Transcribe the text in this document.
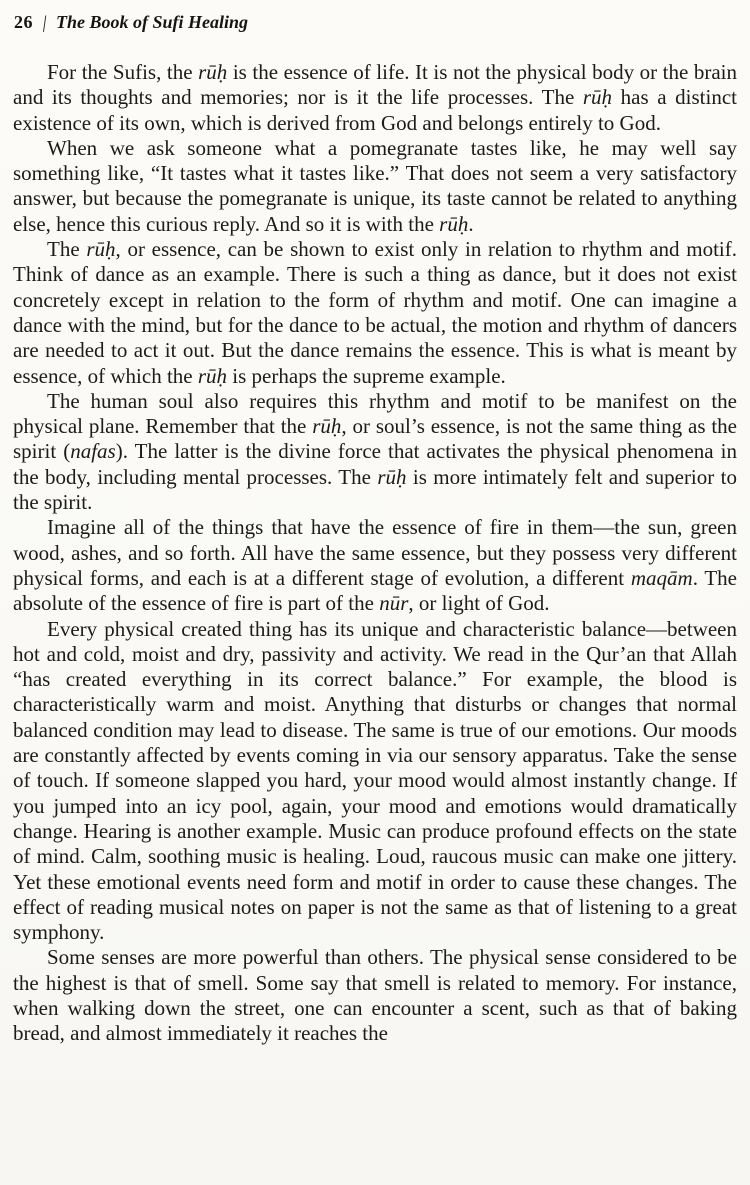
26 | The Book of Sufi Healing

For the Sufis, the rūḥ is the essence of life. It is not the physical body or the brain and its thoughts and memories; nor is it the life processes. The rūḥ has a distinct existence of its own, which is derived from God and belongs entirely to God.

When we ask someone what a pomegranate tastes like, he may well say something like, “It tastes what it tastes like.” That does not seem a very satisfactory answer, but because the pomegranate is unique, its taste cannot be related to anything else, hence this curious reply. And so it is with the rūḥ.

The rūḥ, or essence, can be shown to exist only in relation to rhythm and motif. Think of dance as an example. There is such a thing as dance, but it does not exist concretely except in relation to the form of rhythm and motif. One can imagine a dance with the mind, but for the dance to be actual, the motion and rhythm of dancers are needed to act it out. But the dance remains the essence. This is what is meant by essence, of which the rūḥ is perhaps the supreme example.

The human soul also requires this rhythm and motif to be manifest on the physical plane. Remember that the rūḥ, or soul’s essence, is not the same thing as the spirit (nafas). The latter is the divine force that activates the physical phenomena in the body, including mental processes. The rūḥ is more intimately felt and superior to the spirit.

Imagine all of the things that have the essence of fire in them—the sun, green wood, ashes, and so forth. All have the same essence, but they possess very different physical forms, and each is at a different stage of evolution, a different maqām. The absolute of the essence of fire is part of the nūr, or light of God.

Every physical created thing has its unique and characteristic balance—between hot and cold, moist and dry, passivity and activity. We read in the Qur’an that Allah “has created everything in its correct balance.” For example, the blood is characteristically warm and moist. Anything that disturbs or changes that normal balanced condition may lead to disease. The same is true of our emotions. Our moods are constantly affected by events coming in via our sensory apparatus. Take the sense of touch. If someone slapped you hard, your mood would almost instantly change. If you jumped into an icy pool, again, your mood and emotions would dramatically change. Hearing is another example. Music can produce profound effects on the state of mind. Calm, soothing music is healing. Loud, raucous music can make one jittery. Yet these emotional events need form and motif in order to cause these changes. The effect of reading musical notes on paper is not the same as that of listening to a great symphony.

Some senses are more powerful than others. The physical sense considered to be the highest is that of smell. Some say that smell is related to memory. For instance, when walking down the street, one can encounter a scent, such as that of baking bread, and almost immediately it reaches the
